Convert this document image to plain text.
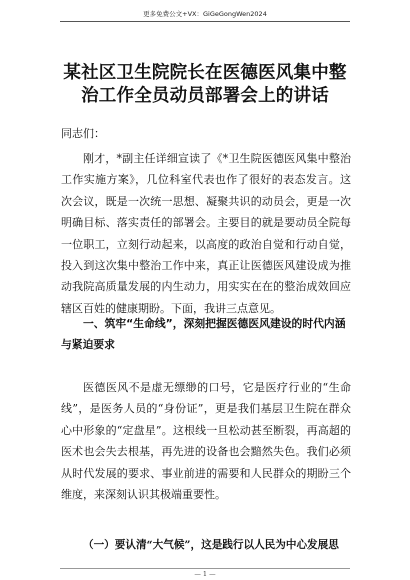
更多免费公文+VX：GiGeGongWen2024
某社区卫生院院长在医德医风集中整治工作全员动员部署会上的讲话
同志们：

刚才，*副主任详细宣读了《*卫生院医德医风集中整治工作实施方案》，几位科室代表也作了很好的表态发言。这次会议，既是一次统一思想、凝聚共识的动员会，更是一次明确目标、落实责任的部署会。主要目的就是要动员全院每一位职工，立刻行动起来，以高度的政治自觉和行动自觉，投入到这次集中整治工作中来，真正让医德医风建设成为推动我院高质量发展的内生动力，用实实在在的整治成效回应辖区百姓的健康期盼。下面，我讲三点意见。

一、筑牢“生命线”，深刻把握医德医风建设的时代内涵与紧迫要求

医德医风不是虚无缥缈的口号，它是医疗行业的“生命线”，是医务人员的“身份证”，更是我们基层卫生院在群众心中形象的“定盘星”。这根线一旦松动甚至断裂，再高超的医术也会失去根基，再先进的设备也会黯然失色。我们必须从时代发展的要求、事业前进的需要和人民群众的期盼三个维度，来深刻认识其极端重要性。

（一）要认清“大气候”，这是践行以人民为中心发展思

— 1 —
